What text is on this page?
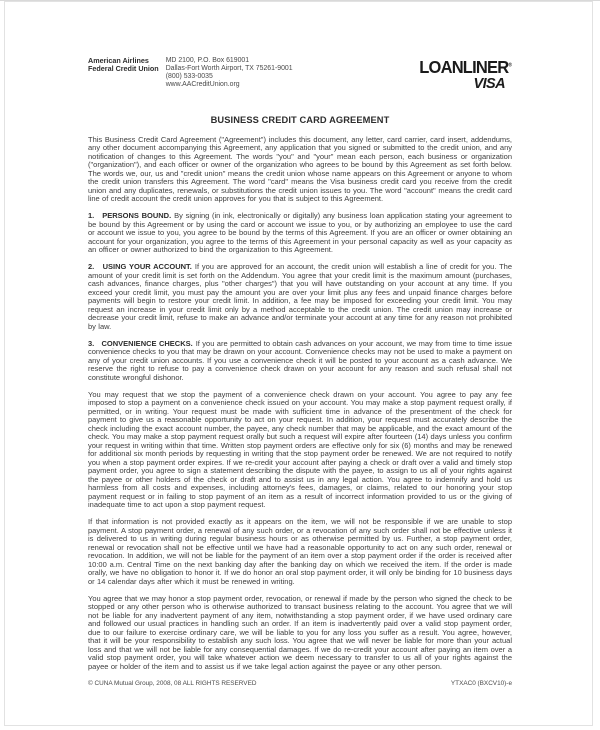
American Airlines
Federal Credit Union
MD 2100, P.O. Box 619001
Dallas-Fort Worth Airport, TX 75261-9001
(800) 533-0035
www.AACreditUnion.org
LOANLINER®
VISA
BUSINESS CREDIT CARD AGREEMENT

This Business Credit Card Agreement ("Agreement") includes this document, any letter, card carrier, card insert, addendums, any other document accompanying this Agreement, any application that you signed or submitted to the credit union, and any notification of changes to this Agreement. The words "you" and "your" mean each person, each business or organization ("organization"), and each officer or owner of the organization who agrees to be bound by this Agreement as set forth below. The words we, our, us and "credit union" means the credit union whose name appears on this Agreement or anyone to whom the credit union transfers this Agreement. The word "card" means the Visa business credit card you receive from the credit union and any duplicates, renewals, or substitutions the credit union issues to you. The word "account" means the credit card line of credit account the credit union approves for you that is subject to this Agreement.

1.   PERSONS BOUND. By signing (in ink, electronically or digitally) any business loan application stating your agreement to be bound by this Agreement or by using the card or account we issue to you, or by authorizing an employee to use the card or account we issue to you, you agree to be bound by the terms of this Agreement. If you are an officer or owner obtaining an account for your organization, you agree to the terms of this Agreement in your personal capacity as well as your capacity as an officer or owner authorized to bind the organization to this Agreement.

2.   USING YOUR ACCOUNT. If you are approved for an account, the credit union will establish a line of credit for you. The amount of your credit limit is set forth on the Addendum. You agree that your credit limit is the maximum amount (purchases, cash advances, finance charges, plus "other charges") that you will have outstanding on your account at any time. If you exceed your credit limit, you must pay the amount you are over your limit plus any fees and unpaid finance charges before payments will begin to restore your credit limit. In addition, a fee may be imposed for exceeding your credit limit. You may request an increase in your credit limit only by a method acceptable to the credit union. The credit union may increase or decrease your credit limit, refuse to make an advance and/or terminate your account at any time for any reason not prohibited by law.

3.   CONVENIENCE CHECKS. If you are permitted to obtain cash advances on your account, we may from time to time issue convenience checks to you that may be drawn on your account. Convenience checks may not be used to make a payment on any of your credit union accounts. If you use a convenience check it will be posted to your account as a cash advance. We reserve the right to refuse to pay a convenience check drawn on your account for any reason and such refusal shall not constitute wrongful dishonor.

You may request that we stop the payment of a convenience check drawn on your account. You agree to pay any fee imposed to stop a payment on a convenience check issued on your account. You may make a stop payment request orally, if permitted, or in writing. Your request must be made with sufficient time in advance of the presentment of the check for payment to give us a reasonable opportunity to act on your request. In addition, your request must accurately describe the check including the exact account number, the payee, any check number that may be applicable, and the exact amount of the check. You may make a stop payment request orally but such a request will expire after fourteen (14) days unless you confirm your request in writing within that time. Written stop payment orders are effective only for six (6) months and may be renewed for additional six month periods by requesting in writing that the stop payment order be renewed. We are not required to notify you when a stop payment order expires. If we re-credit your account after paying a check or draft over a valid and timely stop payment order, you agree to sign a statement describing the dispute with the payee, to assign to us all of your rights against the payee or other holders of the check or draft and to assist us in any legal action. You agree to indemnify and hold us harmless from all costs and expenses, including attorney's fees, damages, or claims, related to our honoring your stop payment request or in failing to stop payment of an item as a result of incorrect information provided to us or the giving of inadequate time to act upon a stop payment request.

If that information is not provided exactly as it appears on the item, we will not be responsible if we are unable to stop payment. A stop payment order, a renewal of any such order, or a revocation of any such order shall not be effective unless it is delivered to us in writing during regular business hours or as otherwise permitted by us. Further, a stop payment order, renewal or revocation shall not be effective until we have had a reasonable opportunity to act on any such order, renewal or revocation. In addition, we will not be liable for the payment of an item over a stop payment order if the order is received after 10:00 a.m. Central Time on the next banking day after the banking day on which we received the item. If the order is made orally, we have no obligation to honor it. If we do honor an oral stop payment order, it will only be binding for 10 business days or 14 calendar days after which it must be renewed in writing.

You agree that we may honor a stop payment order, revocation, or renewal if made by the person who signed the check to be stopped or any other person who is otherwise authorized to transact business relating to the account. You agree that we will not be liable for any inadvertent payment of any item, notwithstanding a stop payment order, if we have used ordinary care and followed our usual practices in handling such an order. If an item is inadvertently paid over a valid stop payment order, due to our failure to exercise ordinary care, we will be liable to you for any loss you suffer as a result. You agree, however, that it will be your responsibility to establish any such loss. You agree that we will never be liable for more than your actual loss and that we will not be liable for any consequential damages. If we do re-credit your account after paying an item over a valid stop payment order, you will take whatever action we deem necessary to transfer to us all of your rights against the payee or holder of the item and to assist us if we take legal action against the payee or any other person.

© CUNA Mutual Group, 2008, 08 ALL RIGHTS RESERVED	YTXAC0 (BXCV10)-e
